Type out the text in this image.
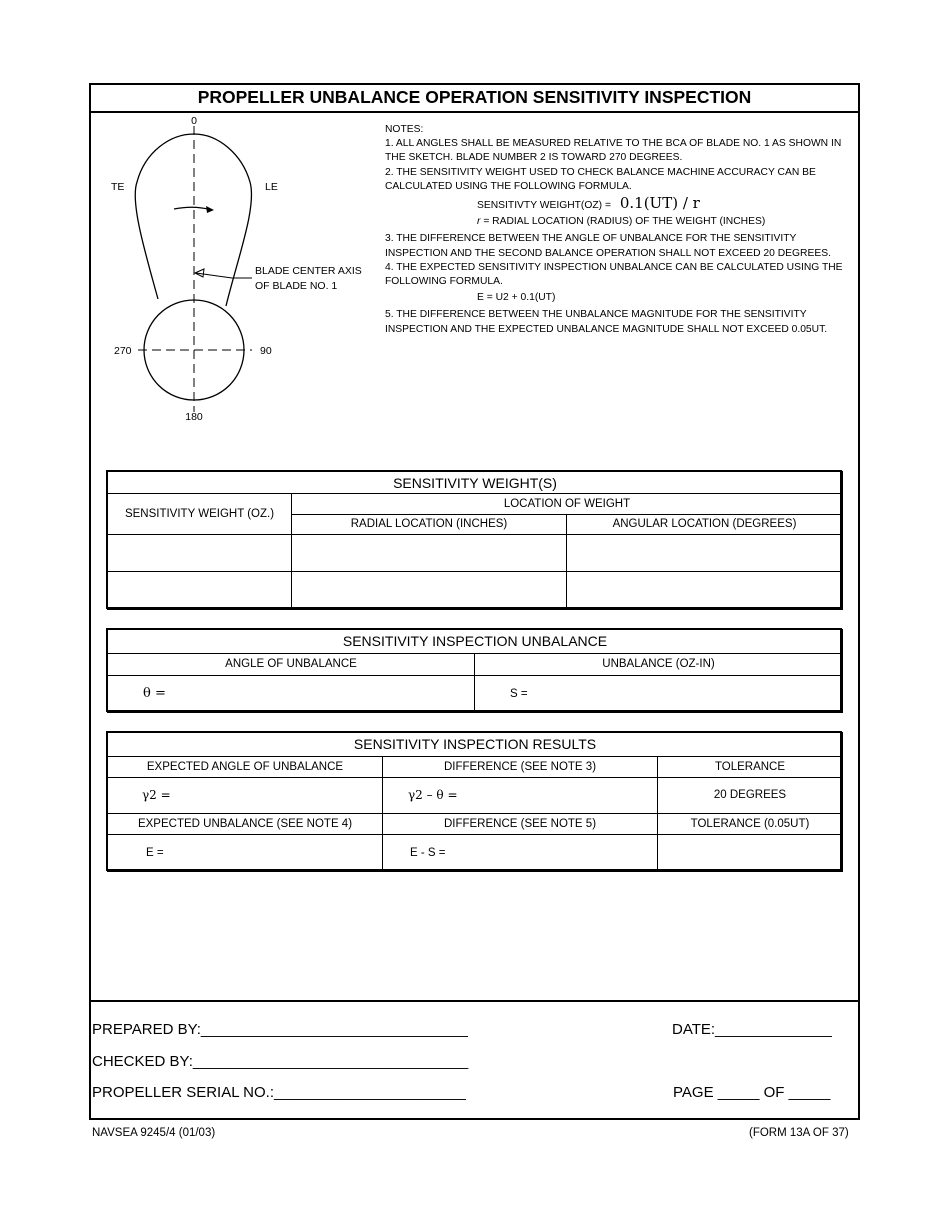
PROPELLER UNBALANCE OPERATION SENSITIVITY INSPECTION
0
180
270	90
TE	LE
BLADE CENTER AXIS
OF BLADE NO. 1

NOTES:

1. ALL ANGLES SHALL BE MEASURED RELATIVE TO THE BCA OF BLADE NO. 1 AS SHOWN IN THE SKETCH. BLADE NUMBER 2 IS TOWARD 270 DEGREES.

2. THE SENSITIVITY WEIGHT USED TO CHECK BALANCE MACHINE ACCURACY CAN BE CALCULATED USING THE FOLLOWING FORMULA.

SENSITIVTY WEIGHT(OZ) = 0.1(UT) / r

r = RADIAL LOCATION (RADIUS) OF THE WEIGHT (INCHES)

3. THE DIFFERENCE BETWEEN THE ANGLE OF UNBALANCE FOR THE SENSITIVITY INSPECTION AND THE SECOND BALANCE OPERATION SHALL NOT EXCEED 20 DEGREES.

4. THE EXPECTED SENSITIVITY INSPECTION UNBALANCE CAN BE CALCULATED USING THE FOLLOWING FORMULA.

E = U2 + 0.1(UT)

5. THE DIFFERENCE BETWEEN THE UNBALANCE MAGNITUDE FOR THE SENSITIVITY INSPECTION AND THE EXPECTED UNBALANCE MAGNITUDE SHALL NOT EXCEED 0.05UT.

SENSITIVITY WEIGHT(S)		
SENSITIVITY WEIGHT (OZ.)	LOCATION OF WEIGHT	
	RADIAL LOCATION (INCHES)	ANGULAR LOCATION (DEGREES)

SENSITIVITY INSPECTION UNBALANCE	
ANGLE OF UNBALANCE	UNBALANCE (OZ-IN)
θ =	S =
SENSITIVITY INSPECTION RESULTS		
EXPECTED ANGLE OF UNBALANCE	DIFFERENCE (SEE NOTE 3)	TOLERANCE
γ2 =	γ2 – θ =	20 DEGREES
EXPECTED UNBALANCE (SEE NOTE 4)	DIFFERENCE (SEE NOTE 5)	TOLERANCE (0.05UT)
E =	E - S =	
PREPARED BY:________________________________	DATE:______________
CHECKED BY:_________________________________
PROPELLER SERIAL NO.:_______________________	PAGE _____ OF _____
NAVSEA 9245/4 (01/03)	(FORM 13A OF 37)
